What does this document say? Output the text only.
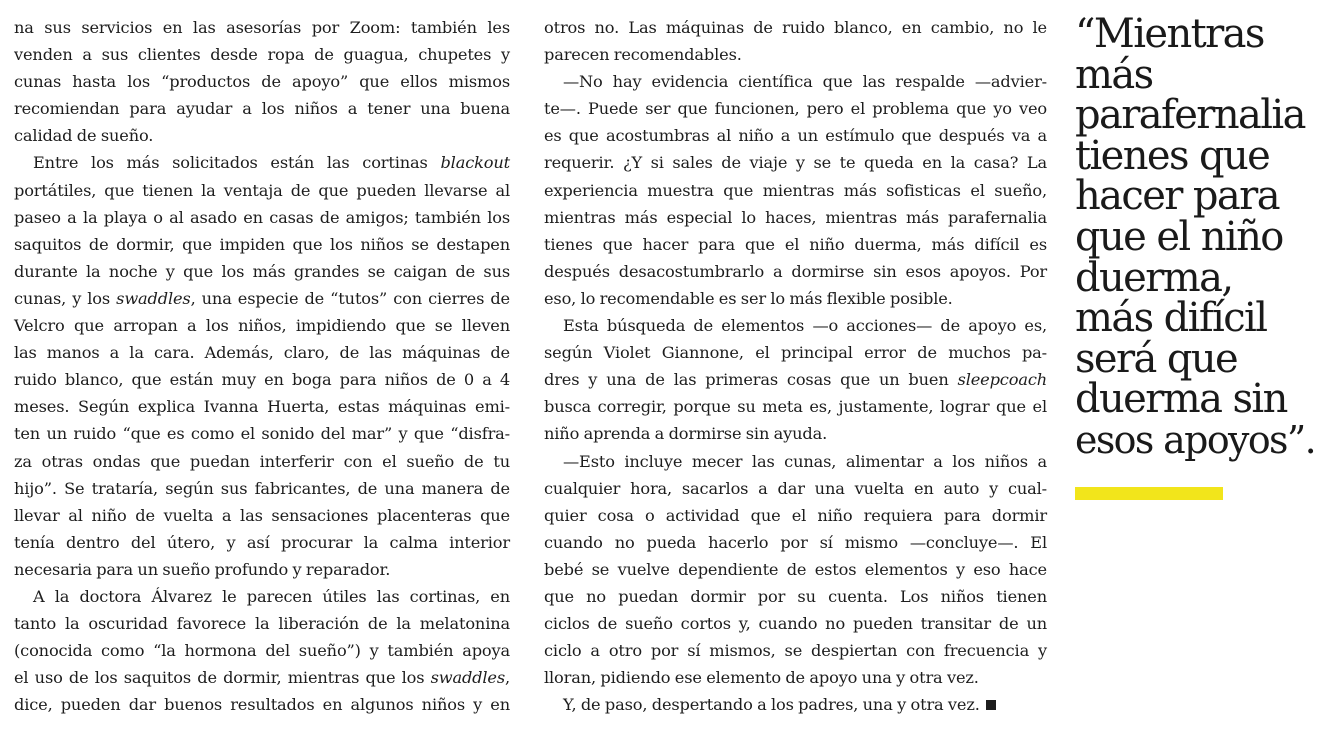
na sus servicios en las asesorías por Zoom: también les
venden a sus clientes desde ropa de guagua, chupetes y
cunas hasta los “productos de apoyo” que ellos mismos
recomiendan para ayudar a los niños a tener una buena
calidad de sueño.

Entre los más solicitados están las cortinas blackout
portátiles, que tienen la ventaja de que pueden llevarse al
paseo a la playa o al asado en casas de amigos; también los
saquitos de dormir, que impiden que los niños se destapen
durante la noche y que los más grandes se caigan de sus
cunas, y los swaddles, una especie de “tutos” con cierres de
Velcro que arropan a los niños, impidiendo que se lleven
las manos a la cara. Además, claro, de las máquinas de
ruido blanco, que están muy en boga para niños de 0 a 4
meses. Según explica Ivanna Huerta, estas máquinas emi-
ten un ruido “que es como el sonido del mar” y que “disfra-
za otras ondas que puedan interferir con el sueño de tu
hijo”. Se trataría, según sus fabricantes, de una manera de
llevar al niño de vuelta a las sensaciones placenteras que
tenía dentro del útero, y así procurar la calma interior
necesaria para un sueño profundo y reparador.

A la doctora Álvarez le parecen útiles las cortinas, en
tanto la oscuridad favorece la liberación de la melatonina
(conocida como “la hormona del sueño”) y también apoya
el uso de los saquitos de dormir, mientras que los swaddles,
dice, pueden dar buenos resultados en algunos niños y en

otros no. Las máquinas de ruido blanco, en cambio, no le
parecen recomendables.

—No hay evidencia científica que las respalde —advier-
te—. Puede ser que funcionen, pero el problema que yo veo
es que acostumbras al niño a un estímulo que después va a
requerir. ¿Y si sales de viaje y se te queda en la casa? La
experiencia muestra que mientras más sofisticas el sueño,
mientras más especial lo haces, mientras más parafernalia
tienes que hacer para que el niño duerma, más difícil es
después desacostumbrarlo a dormirse sin esos apoyos. Por
eso, lo recomendable es ser lo más flexible posible.

Esta búsqueda de elementos —o acciones— de apoyo es,
según Violet Giannone, el principal error de muchos pa-
dres y una de las primeras cosas que un buen sleepcoach
busca corregir, porque su meta es, justamente, lograr que el
niño aprenda a dormirse sin ayuda.

—Esto incluye mecer las cunas, alimentar a los niños a
cualquier hora, sacarlos a dar una vuelta en auto y cual-
quier cosa o actividad que el niño requiera para dormir
cuando no pueda hacerlo por sí mismo —concluye—. El
bebé se vuelve dependiente de estos elementos y eso hace
que no puedan dormir por su cuenta. Los niños tienen
ciclos de sueño cortos y, cuando no pueden transitar de un
ciclo a otro por sí mismos, se despiertan con frecuencia y
lloran, pidiendo ese elemento de apoyo una y otra vez.

Y, de paso, despertando a los padres, una y otra vez.

“Mientras
más
parafernalia
tienes que
hacer para
que el niño
duerma,
más difícil
será que
duerma sin
esos apoyos”.
